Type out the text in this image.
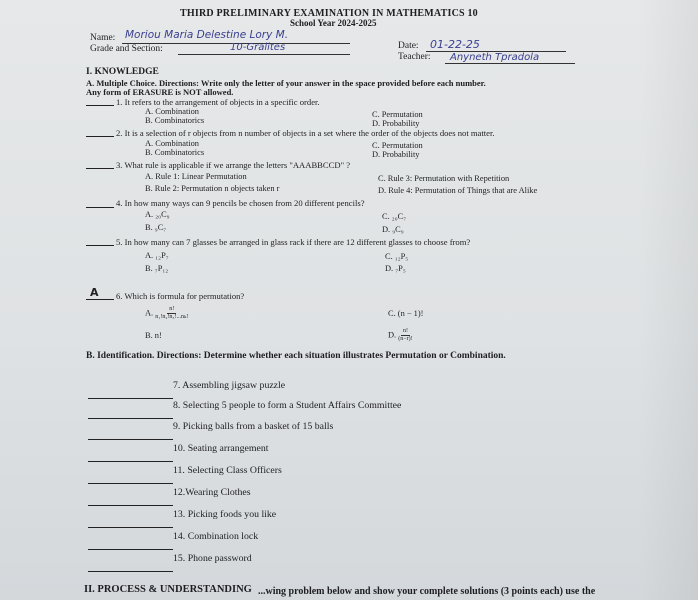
THIRD PRELIMINARY EXAMINATION IN MATHEMATICS 10
School Year 2024-2025
Name: Moriou Maria Delestine Lory M.
Grade and Section:	10-Gralites	Date: 01-22-25
Teacher: Anyneth Tpradola
I. KNOWLEDGE
A. Multiple Choice. Directions: Write only the letter of your answer in the space provided before each number.
Any form of ERASURE is NOT allowed.
1. It refers to the arrangement of objects in a specific order.
A. Combination
B. Combinatorics
C. Permutation
D. Probability
2. It is a selection of r objects from n number of objects in a set where the order of the objects does not matter.
A. Combination
B. Combinatorics
C. Permutation
D. Probability
3. What rule is applicable if we arrange the letters "AAABBCCD" ?
A. Rule 1: Linear Permutation
B. Rule 2: Permutation n objects taken r
C. Rule 3: Permutation with Repetition
D. Rule 4: Permutation of Things that are Alike
4. In how many ways can 9 pencils be chosen from 20 different pencils?
A. ₂₀C₉
B. ₉C₇
C. ₂₀C₇
D. ₉C₉
5. In how many can 7 glasses be arranged in glass rack if there are 12 different glasses to choose from?
A. ₁₂P₇
B. ₇P₁₂
C. ₁₂P₅
D. ₇P₅
A 6. Which is formula for permutation?
A. $\frac{n!}{\text{n₁!n₂!n₃!...nₖ!}}$	C. (n − 1)!
B. n!	D. $\frac{n!}{(n-r)!}$
B. Identification. Directions: Determine whether each situation illustrates Permutation or Combination.
7. Assembling jigsaw puzzle
8. Selecting 5 people to form a Student Affairs Committee
9. Picking balls from a basket of 15 balls
10. Seating arrangement
11. Selecting Class Officers
12.Wearing Clothes
13. Picking foods you like
14. Combination lock
15. Phone password
II. PROCESS & UNDERSTANDING ...wing problem below and show your complete solutions (3 points each) use the
